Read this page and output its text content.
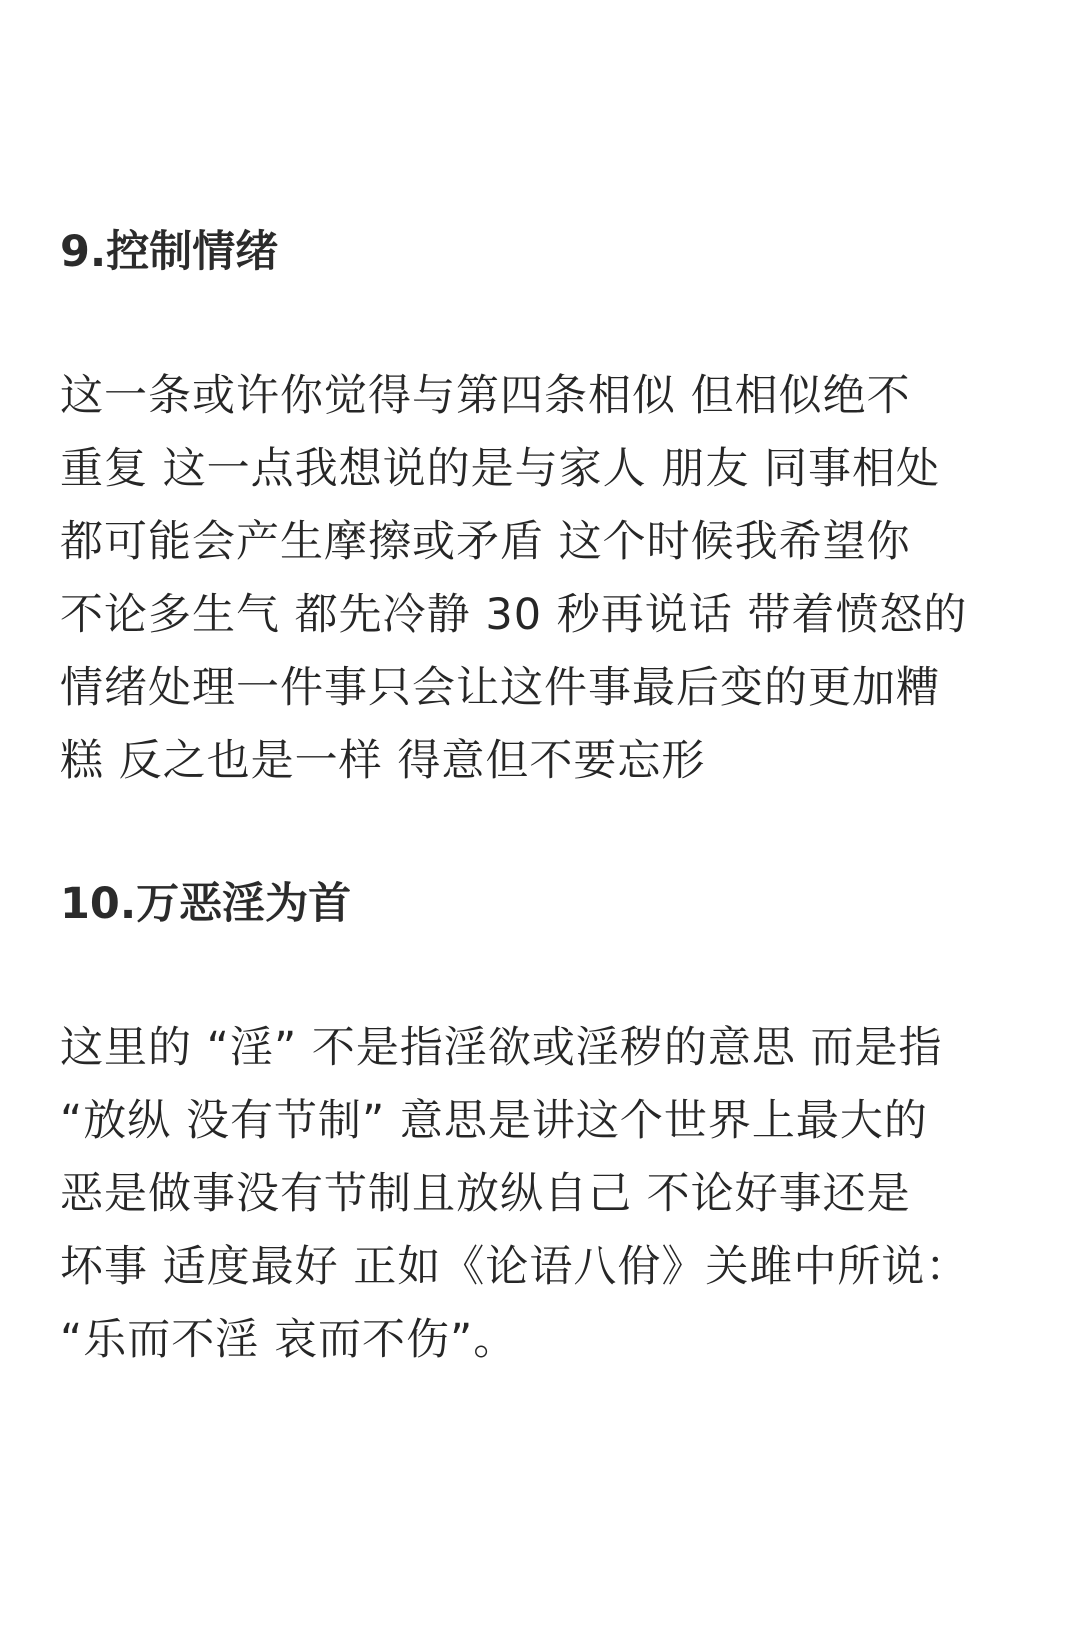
9.控制情绪
这一条或许你觉得与第四条相似 但相似绝不
重复 这一点我想说的是与家人 朋友 同事相处
都可能会产生摩擦或矛盾 这个时候我希望你
不论多生气 都先冷静 30 秒再说话 带着愤怒的
情绪处理一件事只会让这件事最后变的更加糟
糕 反之也是一样 得意但不要忘形
10.万恶淫为首
这里的 “淫” 不是指淫欲或淫秽的意思 而是指
“放纵 没有节制” 意思是讲这个世界上最大的
恶是做事没有节制且放纵自己 不论好事还是
坏事 适度最好 正如《论语八佾》关雎中所说：
“乐而不淫 哀而不伤”。
